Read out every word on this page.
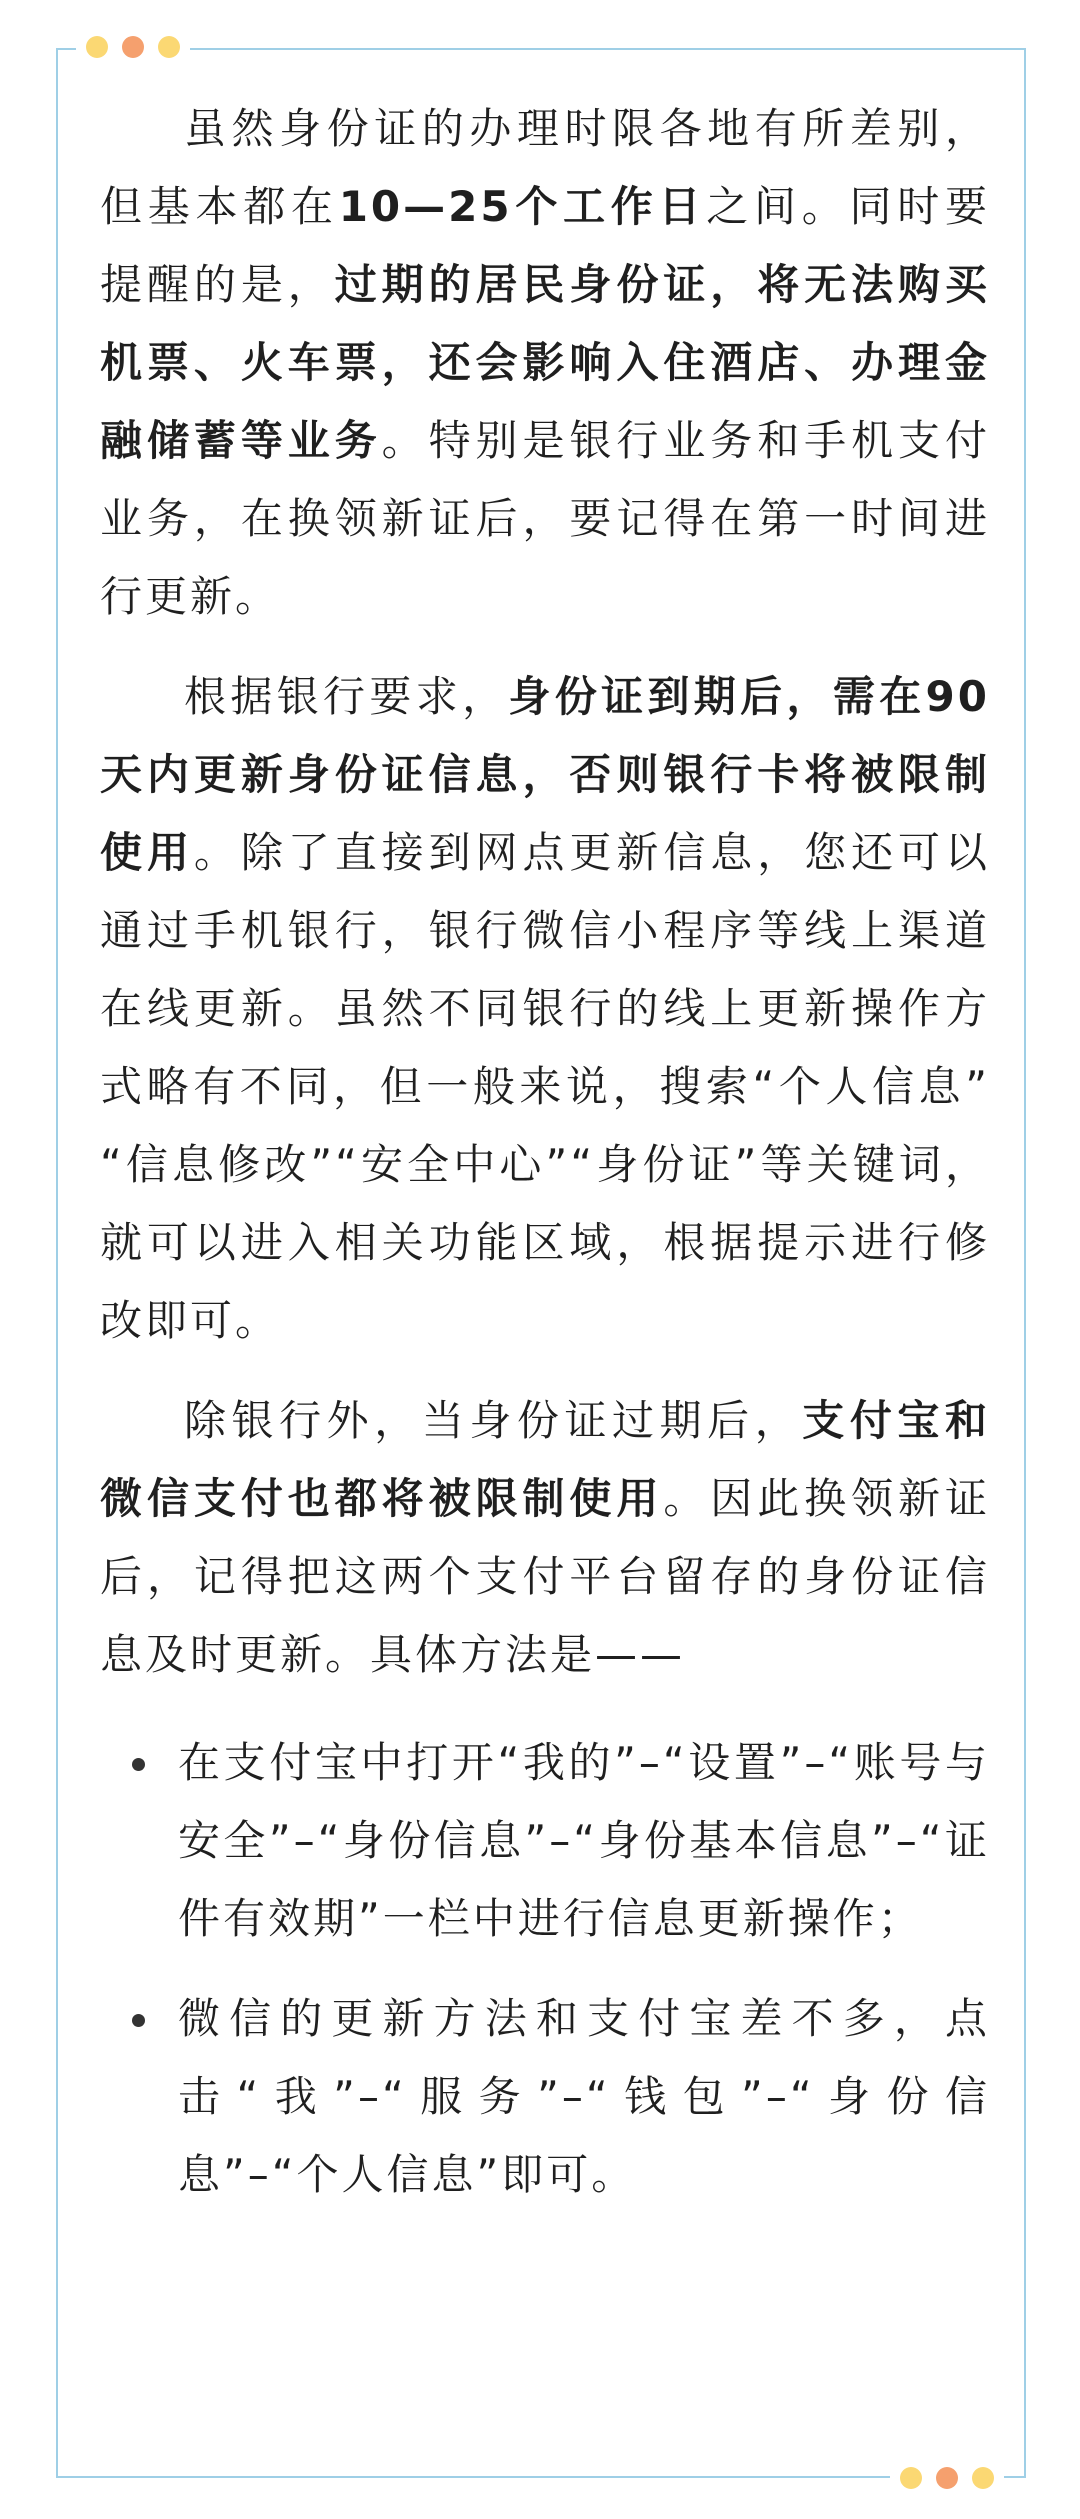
虽然身份证的办理时限各地有所差别，但基本都在10—25个工作日之间。同时要提醒的是，过期的居民身份证，将无法购买机票、火车票，还会影响入住酒店、办理金融储蓄等业务。特别是银行业务和手机支付业务，在换领新证后，要记得在第一时间进行更新。

根据银行要求，身份证到期后，需在90天内更新身份证信息，否则银行卡将被限制使用。除了直接到网点更新信息，您还可以通过手机银行，银行微信小程序等线上渠道在线更新。虽然不同银行的线上更新操作方式略有不同，但一般来说，搜索“个人信息” “信息修改”“安全中心”“身份证”等关键词，就可以进入相关功能区域，根据提示进行修改即可。

除银行外，当身份证过期后，支付宝和微信支付也都将被限制使用。因此换领新证后，记得把这两个支付平台留存的身份证信息及时更新。具体方法是——

在支付宝中打开“我的”–“设置”–“账号与安全”–“身份信息”–“身份基本信息”–“证件有效期”一栏中进行信息更新操作；
微信的更新方法和支付宝差不多，点击“我”–“服务”–“钱包”–“身份信息”–“个人信息”即可。
